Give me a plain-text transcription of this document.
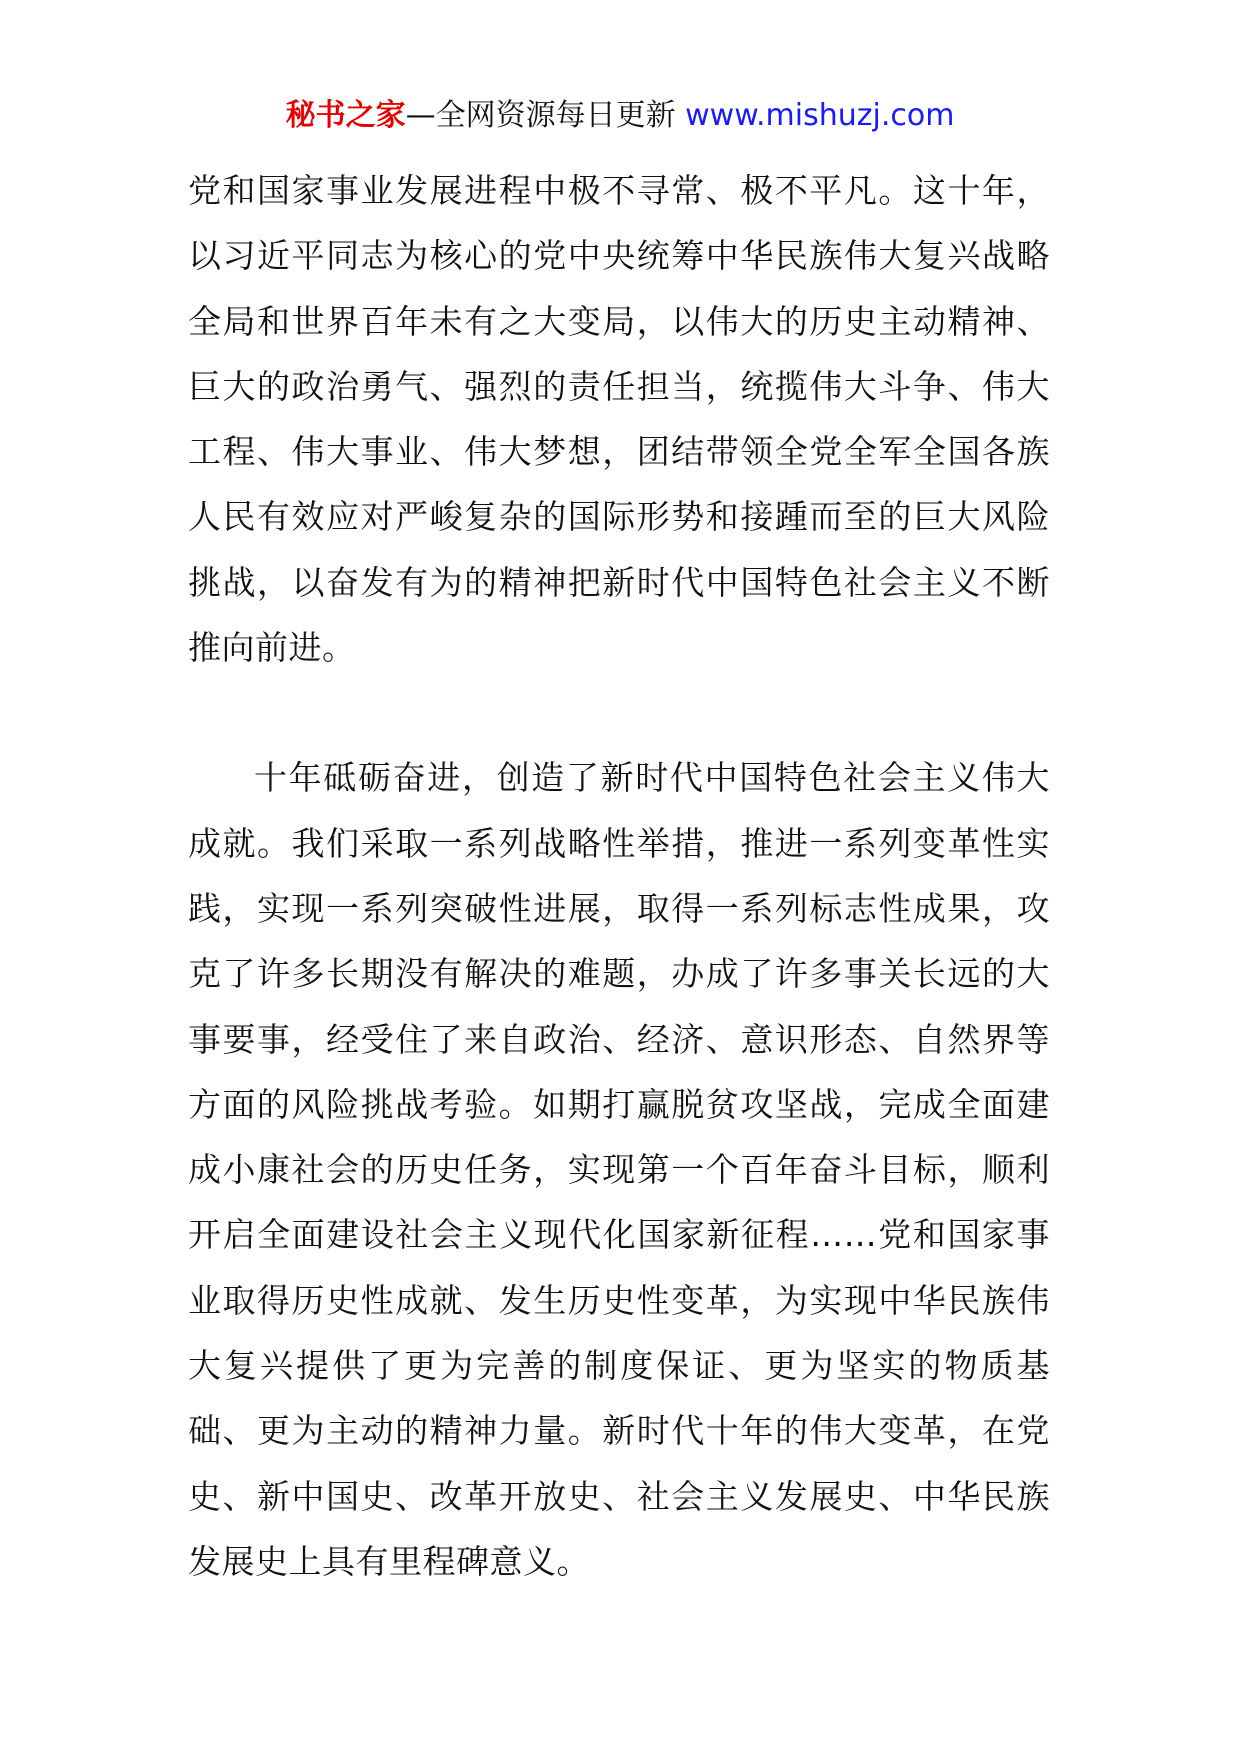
秘书之家—全网资源每日更新 www.mishuzj.com

党和国家事业发展进程中极不寻常、极不平凡。这十年，以习近平同志为核心的党中央统筹中华民族伟大复兴战略全局和世界百年未有之大变局，以伟大的历史主动精神、巨大的政治勇气、强烈的责任担当，统揽伟大斗争、伟大工程、伟大事业、伟大梦想，团结带领全党全军全国各族人民有效应对严峻复杂的国际形势和接踵而至的巨大风险挑战，以奋发有为的精神把新时代中国特色社会主义不断推向前进。

十年砥砺奋进，创造了新时代中国特色社会主义伟大成就。我们采取一系列战略性举措，推进一系列变革性实践，实现一系列突破性进展，取得一系列标志性成果，攻克了许多长期没有解决的难题，办成了许多事关长远的大事要事，经受住了来自政治、经济、意识形态、自然界等方面的风险挑战考验。如期打赢脱贫攻坚战，完成全面建成小康社会的历史任务，实现第一个百年奋斗目标，顺利开启全面建设社会主义现代化国家新征程……党和国家事业取得历史性成就、发生历史性变革，为实现中华民族伟大复兴提供了更为完善的制度保证、更为坚实的物质基础、更为主动的精神力量。新时代十年的伟大变革，在党史、新中国史、改革开放史、社会主义发展史、中华民族发展史上具有里程碑意义。
